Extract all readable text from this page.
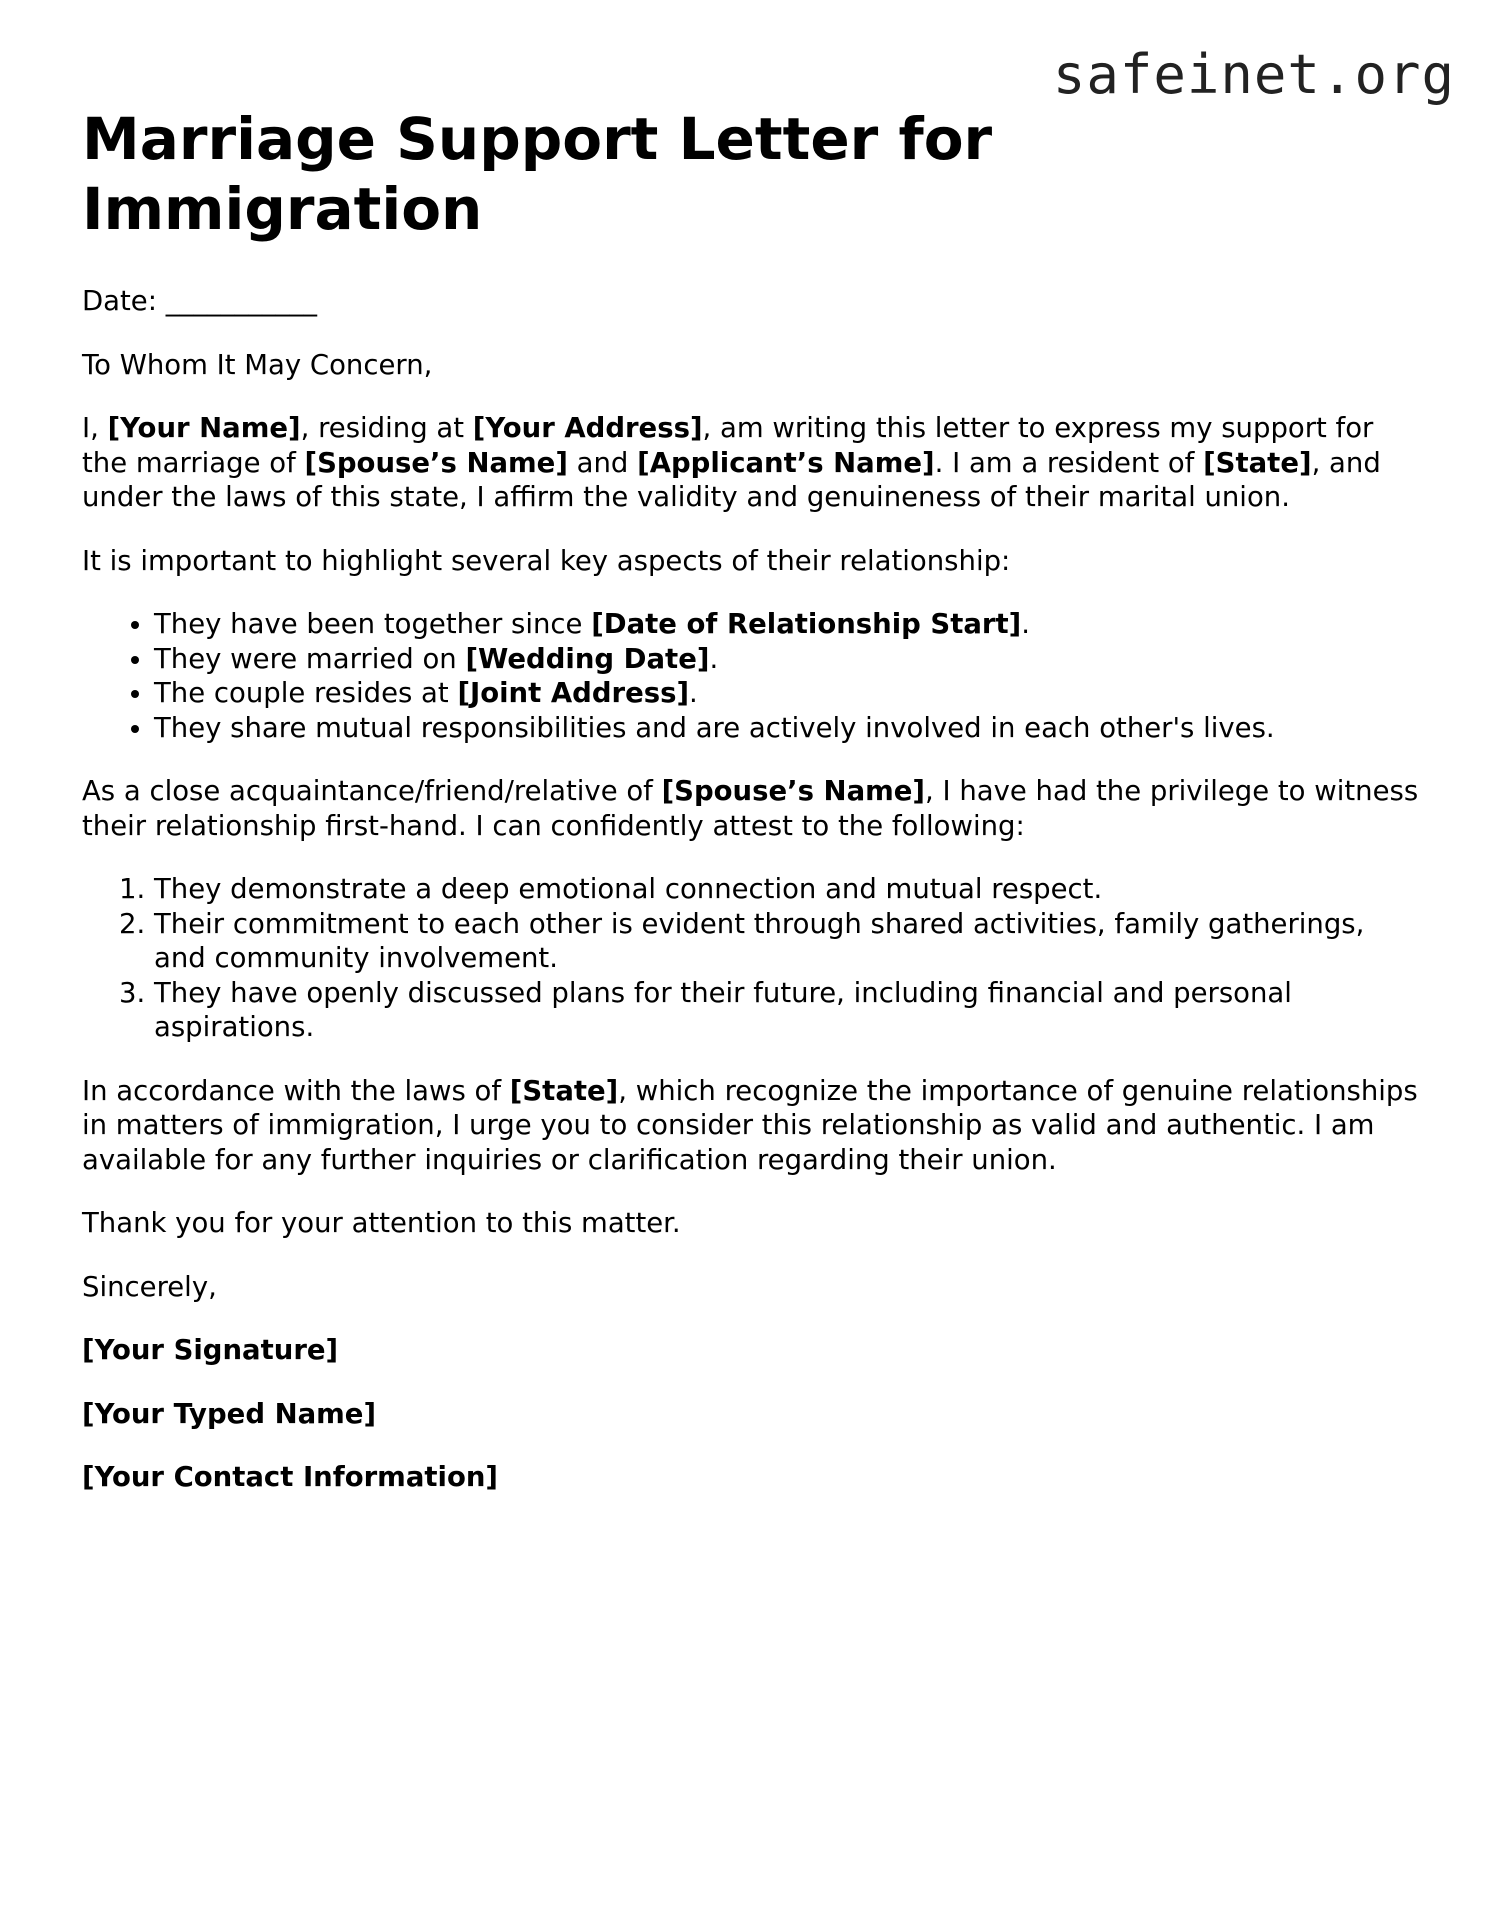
safeinet.org
Marriage Support Letter for Immigration

Date: ___________

To Whom It May Concern,

I, [Your Name], residing at [Your Address], am writing this letter to express my support for the marriage of [Spouse’s Name] and [Applicant’s Name]. I am a resident of [State], and under the laws of this state, I affirm the validity and genuineness of their marital union.

It is important to highlight several key aspects of their relationship:

• They have been together since [Date of Relationship Start].
• They were married on [Wedding Date].
• The couple resides at [Joint Address].
• They share mutual responsibilities and are actively involved in each other's lives.

As a close acquaintance/friend/relative of [Spouse’s Name], I have had the privilege to witness their relationship first-hand. I can confidently attest to the following:

1. They demonstrate a deep emotional connection and mutual respect.
2. Their commitment to each other is evident through shared activities, family gatherings, and community involvement.
3. They have openly discussed plans for their future, including financial and personal aspirations.

In accordance with the laws of [State], which recognize the importance of genuine relationships in matters of immigration, I urge you to consider this relationship as valid and authentic. I am available for any further inquiries or clarification regarding their union.

Thank you for your attention to this matter.

Sincerely,

[Your Signature]

[Your Typed Name]

[Your Contact Information]
